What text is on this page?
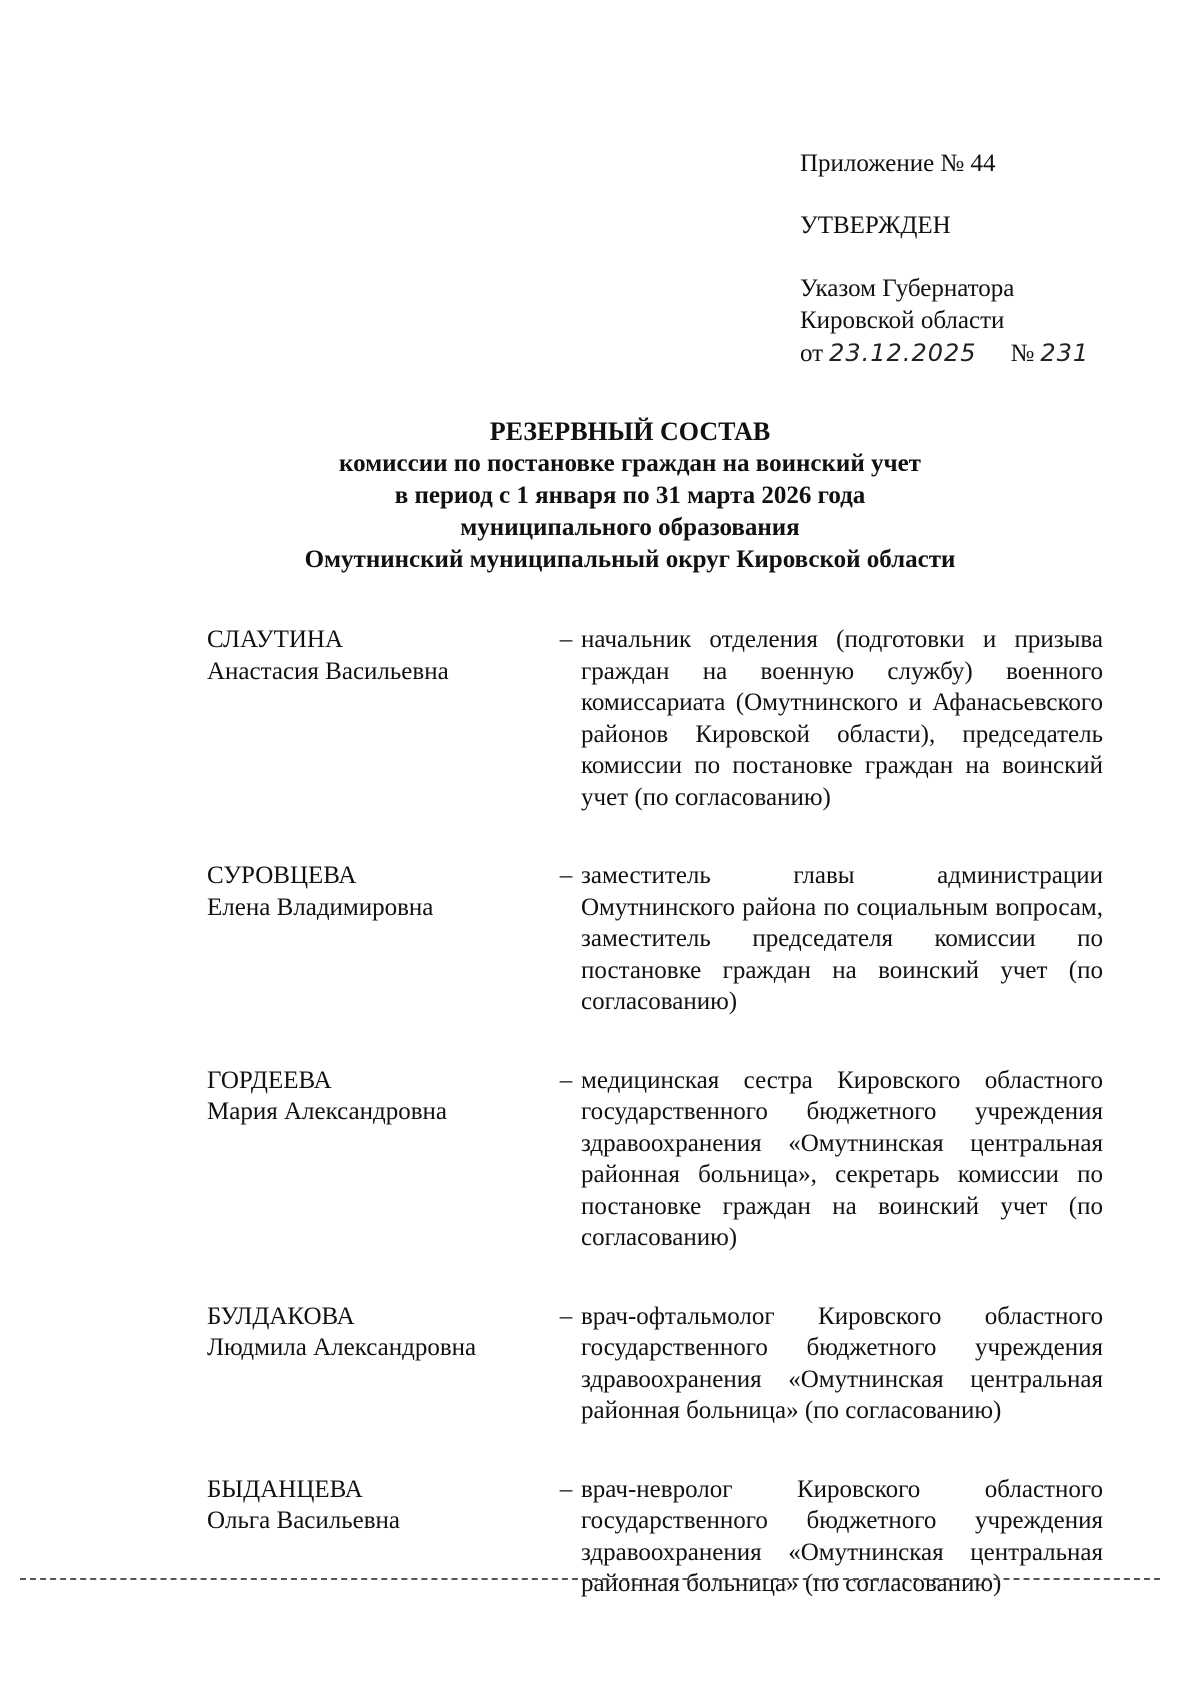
Приложение № 44
УТВЕРЖДЕН
Указом Губернатора
Кировской области
от 23.12.2025 № 231
РЕЗЕРВНЫЙ СОСТАВ
комиссии по постановке граждан на воинский учет
в период с 1 января по 31 марта 2026 года
муниципального образования
Омутнинский муниципальный округ Кировской области
СЛАУТИНА
Анастасия Васильевна
– начальник отделения (подготовки и призыва граждан на военную службу) военного комиссариата (Омутнинского и Афанасьевского районов Кировской области), председатель комиссии по постановке граждан на воинский учет (по согласованию)
СУРОВЦЕВА
Елена Владимировна
– заместитель главы администрации Омутнинского района по социальным вопросам, заместитель председателя комиссии по постановке граждан на воинский учет (по согласованию)
ГОРДЕЕВА
Мария Александровна
– медицинская сестра Кировского областного государственного бюджетного учреждения здравоохранения «Омутнинская центральная районная больница», секретарь комиссии по постановке граждан на воинский учет (по согласованию)
БУЛДАКОВА
Людмила Александровна
– врач-офтальмолог Кировского областного государственного бюджетного учреждения здравоохранения «Омутнинская центральная районная больница» (по согласованию)
БЫДАНЦЕВА
Ольга Васильевна
– врач-невролог Кировского областного государственного бюджетного учреждения здравоохранения «Омутнинская центральная районная больница» (по согласованию)
